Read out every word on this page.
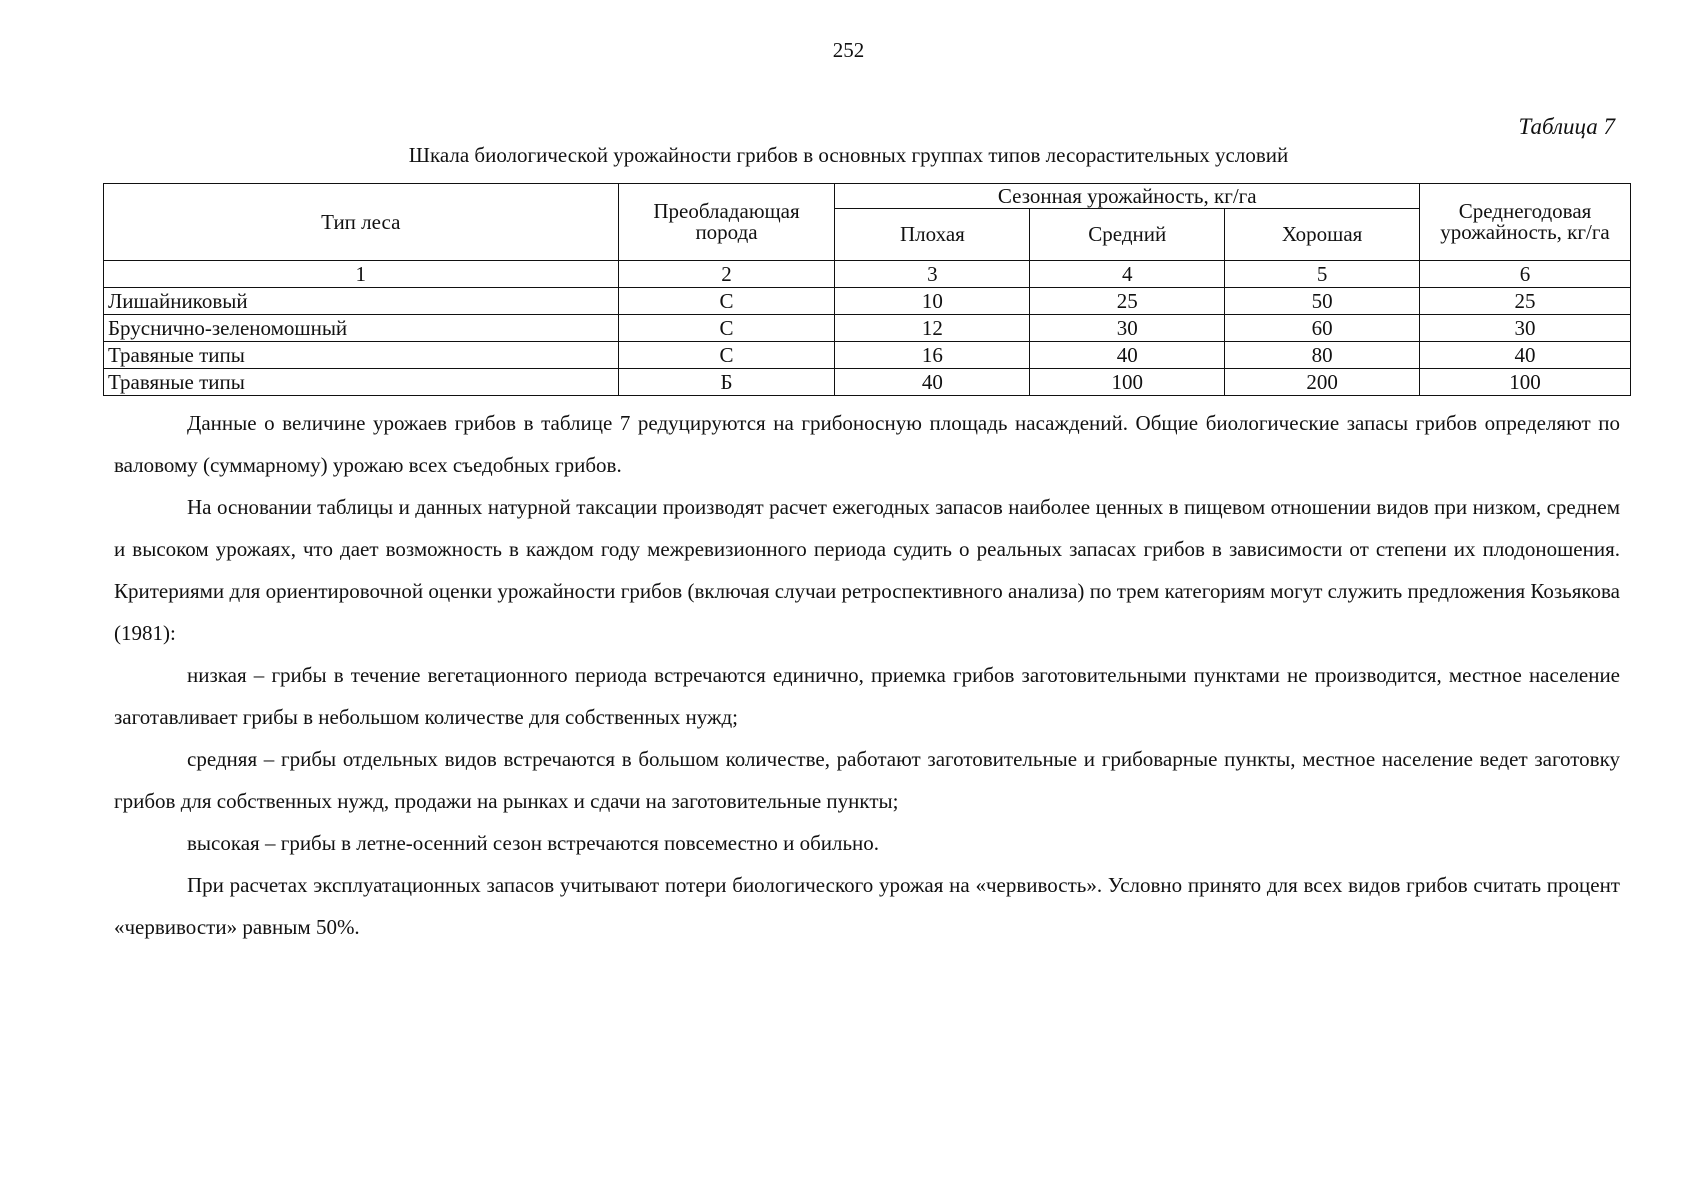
252
Таблица 7
Шкала биологической урожайности грибов в основных группах типов лесорастительных условий
Тип леса	Преобладающая порода	Сезонная урожайность, кг/га			Среднегодовая урожайность, кг/га
		Плохая	Средний	Хорошая	
1	2	3	4	5	6
Лишайниковый	С	10	25	50	25
Бруснично-зеленомошный	С	12	30	60	30
Травяные типы	С	16	40	80	40
Травяные типы	Б	40	100	200	100

Данные о величине урожаев грибов в таблице 7 редуцируются на грибоносную площадь насаждений. Общие биологические запасы грибов определяют по валовому (суммарному) урожаю всех съедобных грибов.

На основании таблицы и данных натурной таксации производят расчет ежегодных запасов наиболее ценных в пищевом отношении видов при низком, среднем и высоком урожаях, что дает возможность в каждом году межревизионного периода судить о реальных запасах грибов в зависимости от степени их плодоношения. Критериями для ориентировочной оценки урожайности грибов (включая случаи ретроспективного анализа) по трем категориям могут служить предложения Козьякова (1981):

низкая – грибы в течение вегетационного периода встречаются единично, приемка грибов заготовительными пунктами не производится, местное население заготавливает грибы в небольшом количестве для собственных нужд;

средняя – грибы отдельных видов встречаются в большом количестве, работают заготовительные и грибоварные пункты, местное население ведет заготовку грибов для собственных нужд, продажи на рынках и сдачи на заготовительные пункты;

высокая – грибы в летне-осенний сезон встречаются повсеместно и обильно.

При расчетах эксплуатационных запасов учитывают потери биологического урожая на «червивость». Условно принято для всех видов грибов считать процент «червивости» равным 50%.
